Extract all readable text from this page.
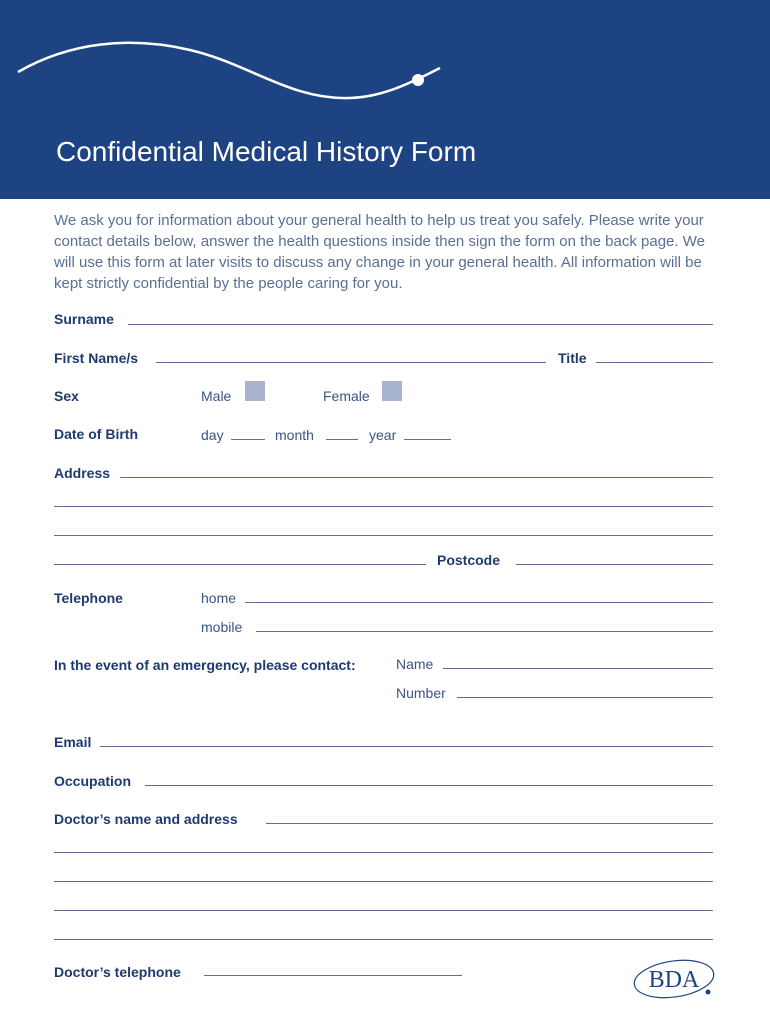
Confidential Medical History Form

We ask you for information about your general health to help us treat you safely. Please write your contact details below, answer the health questions inside then sign the form on the back page. We will use this form at later visits to discuss any change in your general health. All information will be kept strictly confidential by the people caring for you.

Surname
First Name/s	Title
Sex	Male	Female
Date of Birth	day	month	year
Address
Postcode
Telephone	home
mobile
In the event of an emergency, please contact:	Name
Number
Email
Occupation
Doctor’s name and address
Doctor’s telephone	BDA
